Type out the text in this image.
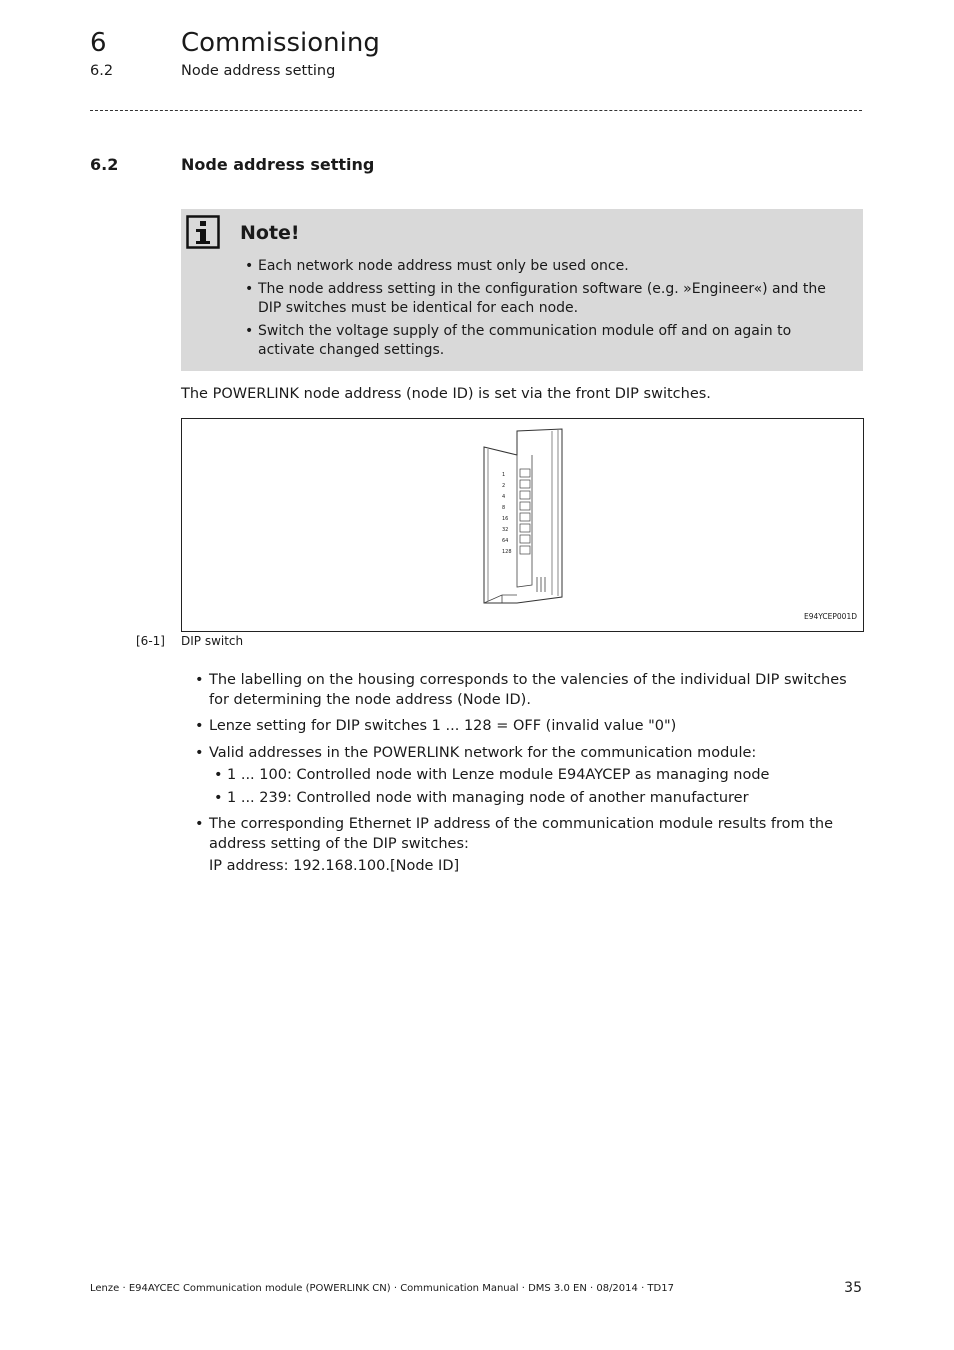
6	Commissioning
6.2	Node address setting
6.2	Node address setting
Note!
• Each network node address must only be used once.
• The node address setting in the configuration software (e.g. »Engineer«) and the DIP switches must be identical for each node.
• Switch the voltage supply of the communication module off and on again to activate changed settings.
The POWERLINK node address (node ID) is set via the front DIP switches.
1
2
4
8
16
32
64
128
E94YCEP001D
[6-1] DIP switch
• The labelling on the housing corresponds to the valencies of the individual DIP switches for determining the node address (Node ID).
• Lenze setting for DIP switches 1 ... 128 = OFF (invalid value "0")
• Valid addresses in the POWERLINK network for the communication module:
• 1 ... 100: Controlled node with Lenze module E94AYCEP as managing node
• 1 ... 239: Controlled node with managing node of another manufacturer
• The corresponding Ethernet IP address of the communication module results from the address setting of the DIP switches:
IP address: 192.168.100.[Node ID]
Lenze · E94AYCEC Communication module (POWERLINK CN) · Communication Manual · DMS 3.0 EN · 08/2014 · TD17	35
